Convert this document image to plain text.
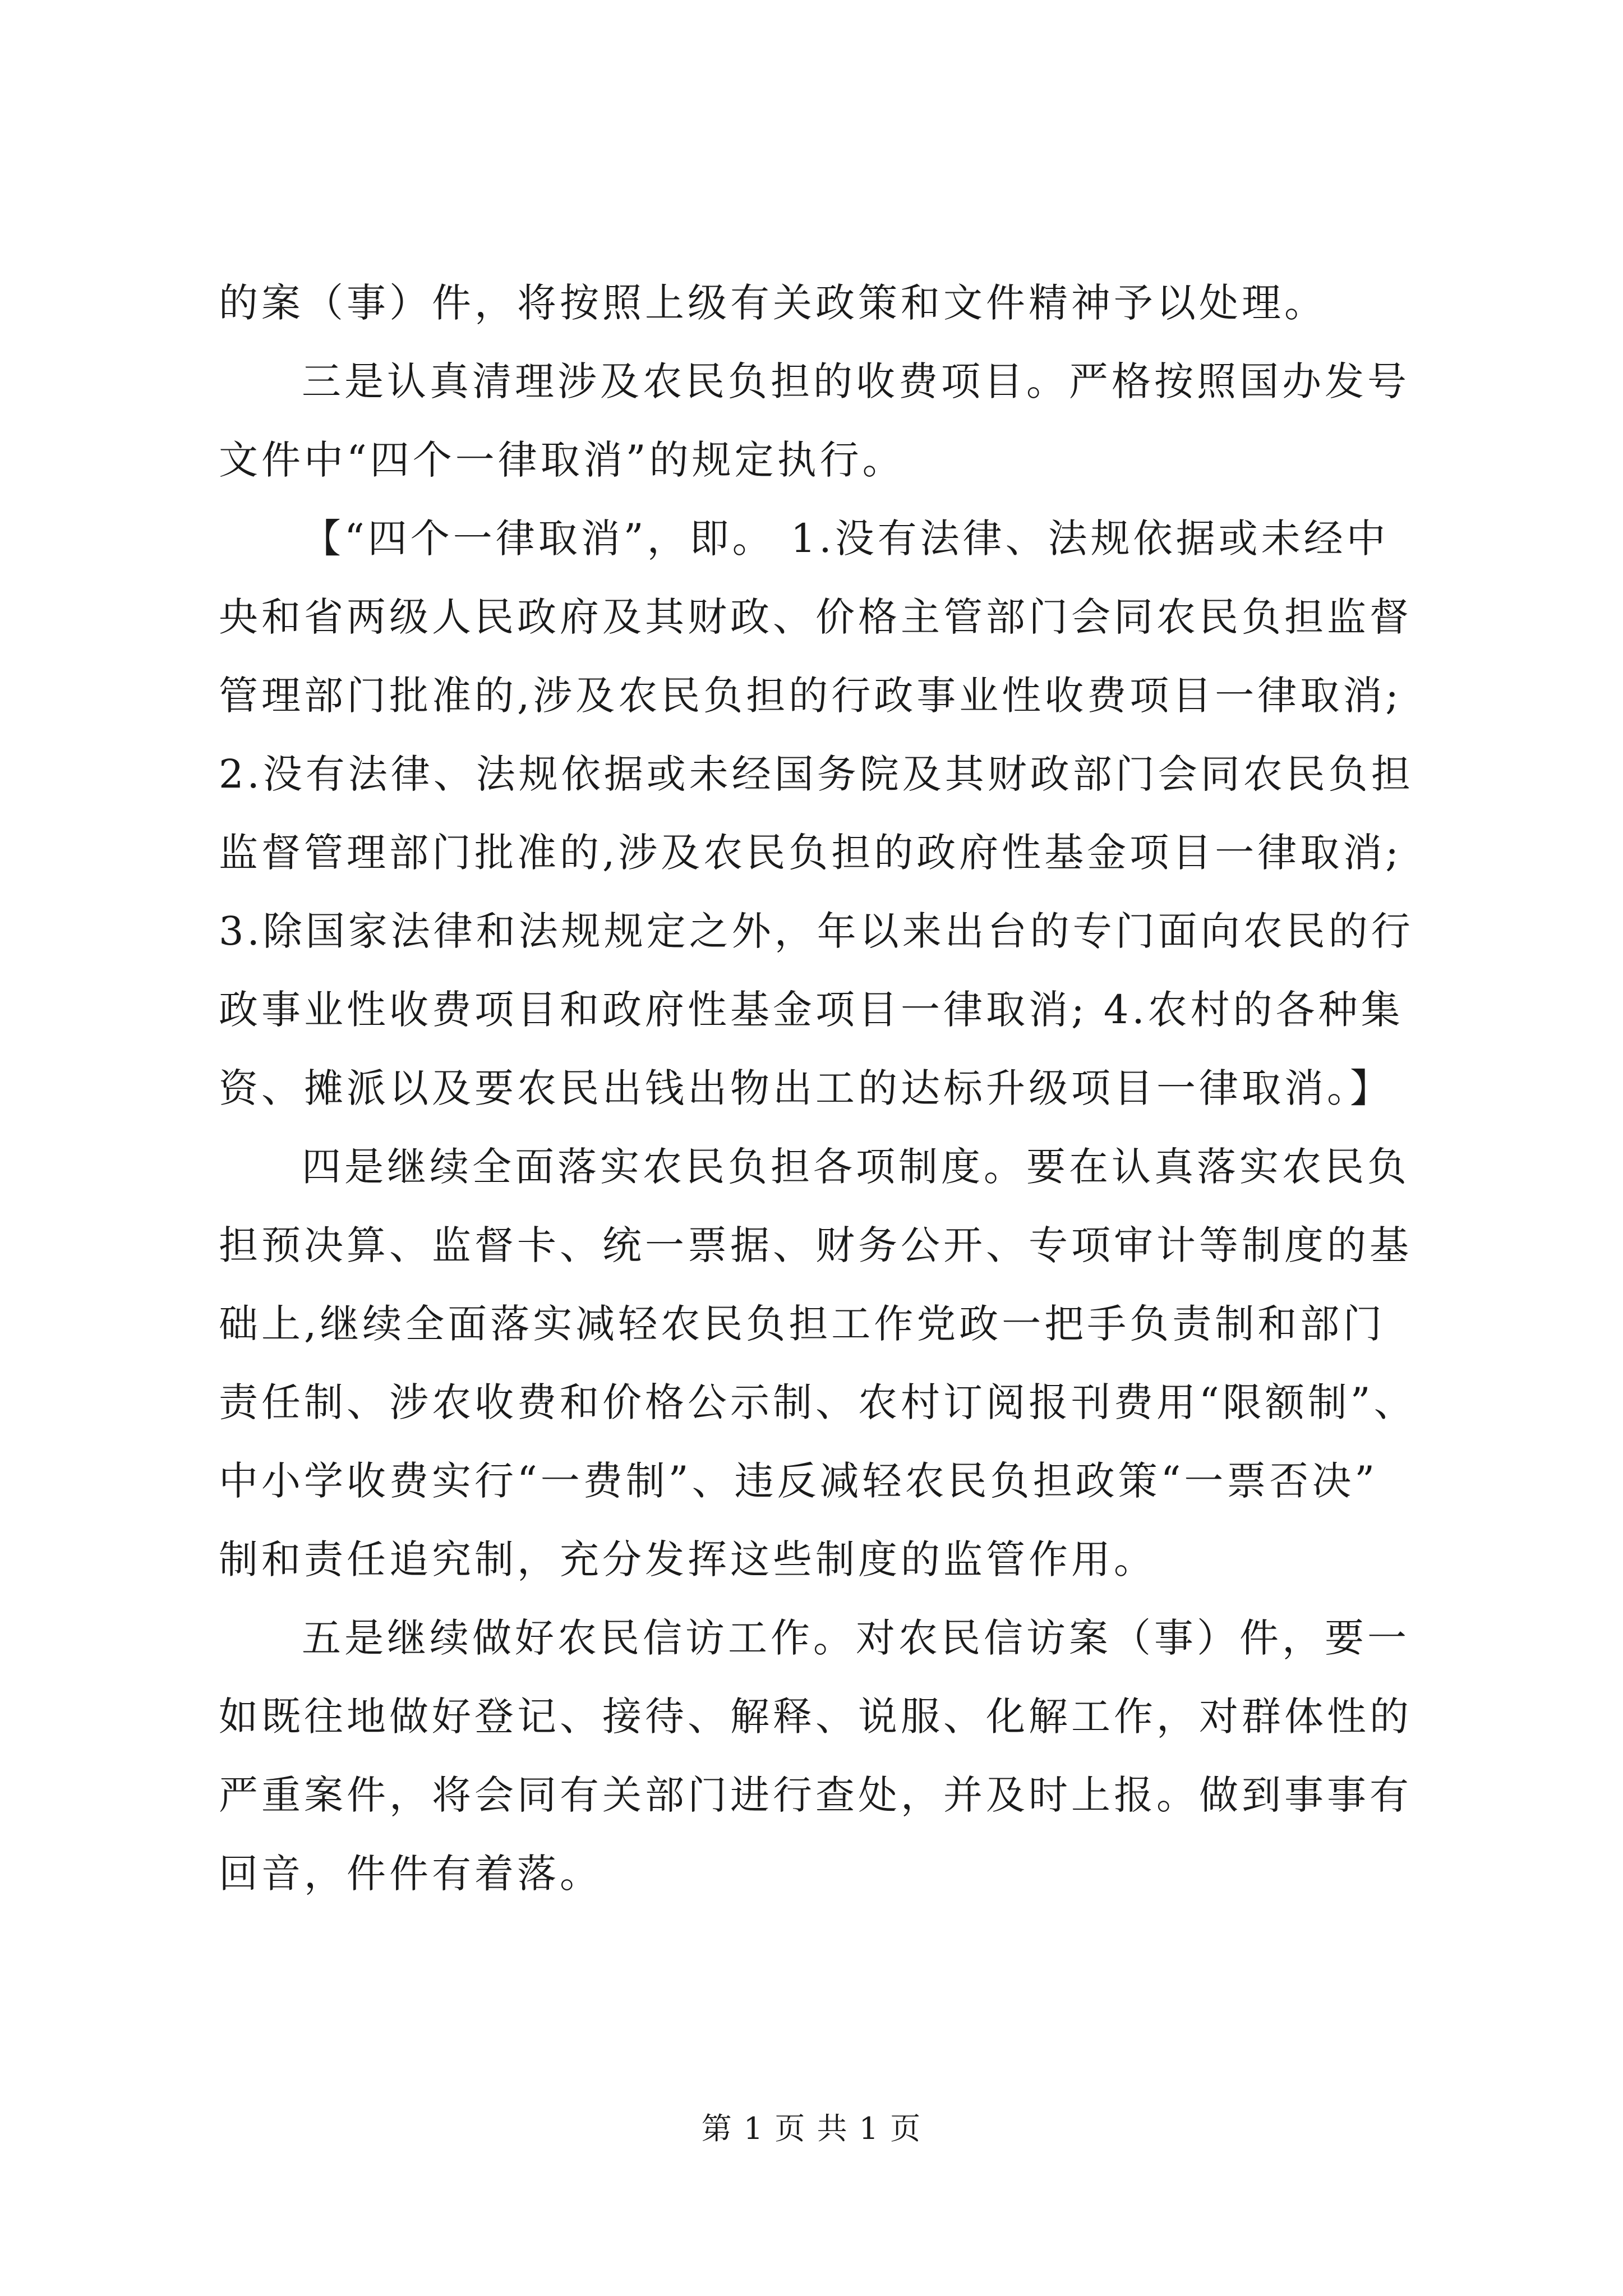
的案（事）件，将按照上级有关政策和文件精神予以处理。
三是认真清理涉及农民负担的收费项目。严格按照国办发号
文件中“四个一律取消”的规定执行。
【“四个一律取消”，即。 1.没有法律、法规依据或未经中
央和省两级人民政府及其财政、价格主管部门会同农民负担监督
管理部门批准的,涉及农民负担的行政事业性收费项目一律取消;
2.没有法律、法规依据或未经国务院及其财政部门会同农民负担
监督管理部门批准的,涉及农民负担的政府性基金项目一律取消;
3.除国家法律和法规规定之外，年以来出台的专门面向农民的行
政事业性收费项目和政府性基金项目一律取消; 4.农村的各种集
资、摊派以及要农民出钱出物出工的达标升级项目一律取消。】
四是继续全面落实农民负担各项制度。要在认真落实农民负
担预决算、监督卡、统一票据、财务公开、专项审计等制度的基
础上,继续全面落实减轻农民负担工作党政一把手负责制和部门
责任制、涉农收费和价格公示制、农村订阅报刊费用“限额制”、
中小学收费实行“一费制”、违反减轻农民负担政策“一票否决”
制和责任追究制，充分发挥这些制度的监管作用。
五是继续做好农民信访工作。对农民信访案（事）件，要一
如既往地做好登记、接待、解释、说服、化解工作，对群体性的
严重案件，将会同有关部门进行查处，并及时上报。做到事事有
回音，件件有着落。
第 1 页 共 1 页
